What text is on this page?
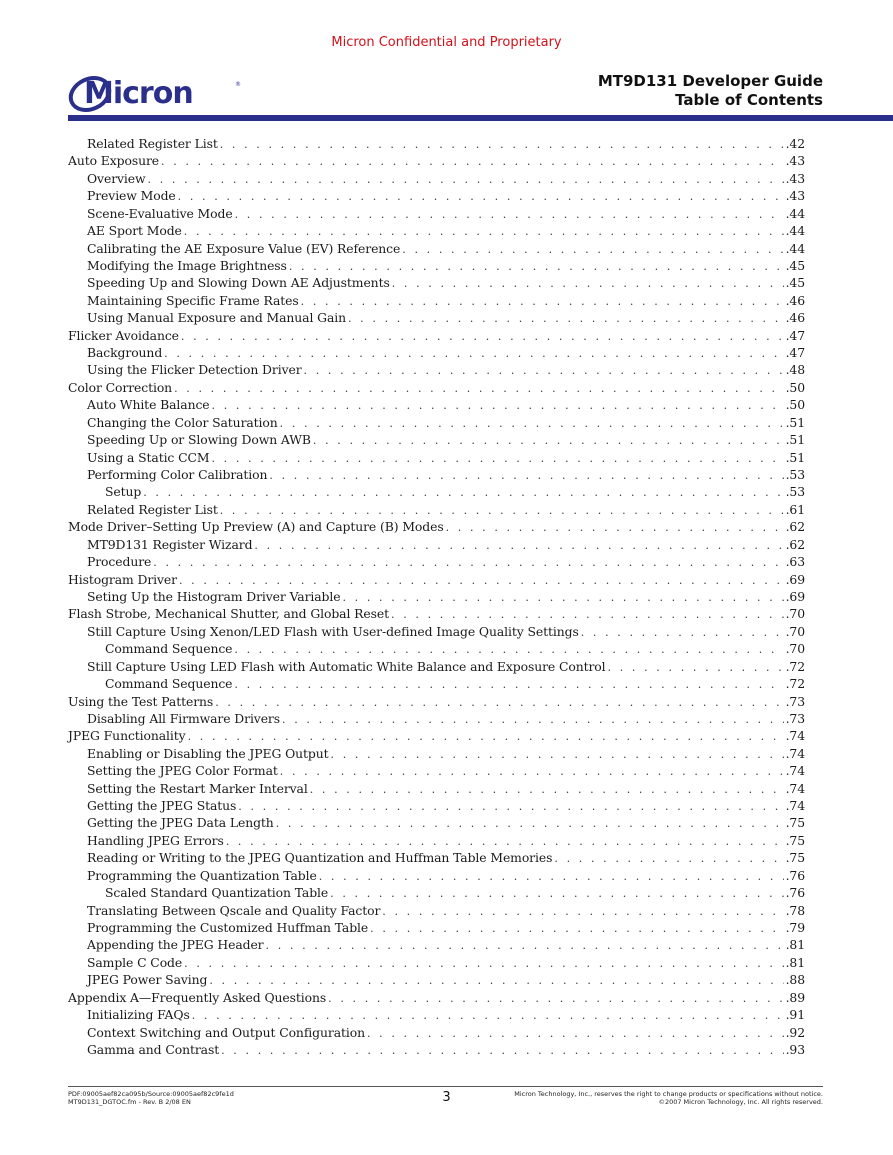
Micron Confidential and Proprietary
Micron	®	MT9D131 Developer Guide
Table of Contents
Related Register List . . .	.42
Auto Exposure . . .	.43
Overview . . .	.43
Preview Mode . . .	.43
Scene-Evaluative Mode . . .	.44
AE Sport Mode . . .	.44
Calibrating the AE Exposure Value (EV) Reference . . .	.44
Modifying the Image Brightness . . .	.45
Speeding Up and Slowing Down AE Adjustments . . .	.45
Maintaining Specific Frame Rates . . .	.46
Using Manual Exposure and Manual Gain . . .	.46
Flicker Avoidance . . .	.47
Background . . .	.47
Using the Flicker Detection Driver . . .	.48
Color Correction . . .	.50
Auto White Balance . . .	.50
Changing the Color Saturation . . .	.51
Speeding Up or Slowing Down AWB . . .	.51
Using a Static CCM . . .	.51
Performing Color Calibration . . .	.53
Setup . . .	.53
Related Register List . . .	.61
Mode Driver–Setting Up Preview (A) and Capture (B) Modes . . .	.62
MT9D131 Register Wizard . . .	.62
Procedure . . .	.63
Histogram Driver . . .	.69
Seting Up the Histogram Driver Variable . . .	.69
Flash Strobe, Mechanical Shutter, and Global Reset . . .	.70
Still Capture Using Xenon/LED Flash with User-defined Image Quality Settings . . .	.70
Command Sequence . . .	.70
Still Capture Using LED Flash with Automatic White Balance and Exposure Control . . .	.72
Command Sequence . . .	.72
Using the Test Patterns . . .	.73
Disabling All Firmware Drivers . . .	.73
JPEG Functionality . . .	.74
Enabling or Disabling the JPEG Output . . .	.74
Setting the JPEG Color Format . . .	.74
Setting the Restart Marker Interval . . .	.74
Getting the JPEG Status . . .	.74
Getting the JPEG Data Length . . .	.75
Handling JPEG Errors . . .	.75
Reading or Writing to the JPEG Quantization and Huffman Table Memories . . .	.75
Programming the Quantization Table . . .	.76
Scaled Standard Quantization Table . . .	.76
Translating Between Qscale and Quality Factor . . .	.78
Programming the Customized Huffman Table . . .	.79
Appending the JPEG Header . . .	.81
Sample C Code . . .	.81
JPEG Power Saving . . .	.88
Appendix A—Frequently Asked Questions . . .	.89
Initializing FAQs . . .	.91
Context Switching and Output Configuration . . .	.92
Gamma and Contrast . . .	.93
PDF:09005aef82ca095b/Source:09005aef82c9fe1d
MT9D131_DGTOC.fm - Rev. B 2/08 EN	3	Micron Technology, Inc., reserves the right to change products or specifications without notice.
©2007 Micron Technology, Inc. All rights reserved.
